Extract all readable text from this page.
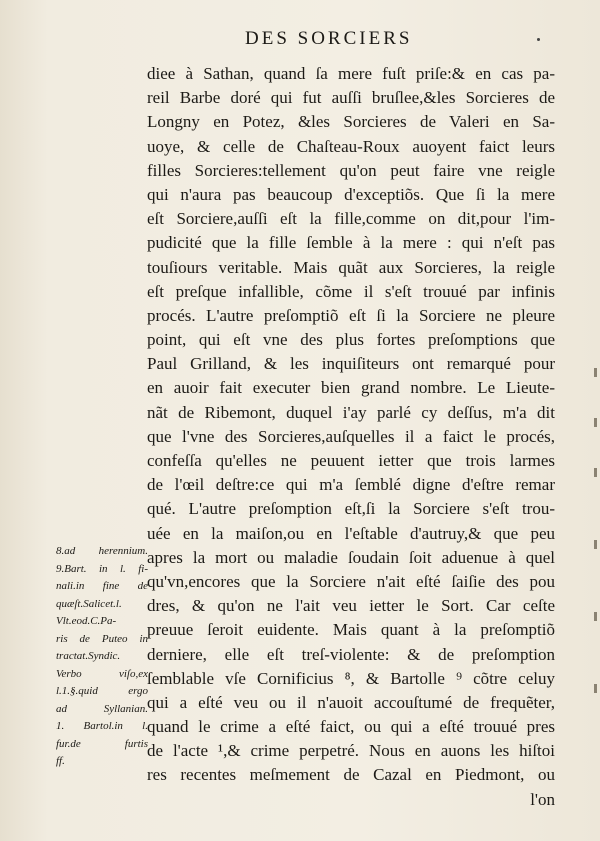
DES SORCIERS
diee à Sathan, quand ſa mere fuſt priſe:& en cas pa-
reil Barbe doré qui fut auſſi bruſlee,&les Sorcieres de
Longny en Potez, &les Sorcieres de Valeri en Sa-
uoye, & celle de Chaſteau-Roux auoyent faict leurs
filles Sorcieres:tellement qu'on peut faire vne reigle
qui n'aura pas beaucoup d'exceptiõs. Que ſi la mere
eſt Sorciere,auſſi eſt la fille,comme on dit,pour l'im-
pudicité que la fille ſemble à la mere : qui n'eſt pas
touſiours veritable. Mais quãt aux Sorcieres, la reigle
eſt preſque infallible, cõme il s'eſt trouué par infinis
procés. L'autre preſomptiõ eſt ſi la Sorciere ne pleure
point, qui eſt vne des plus fortes preſomptions que
Paul Grilland, & les inquiſiteurs ont remarqué pour
en auoir fait executer bien grand nombre. Le Lieute-
nãt de Ribemont, duquel i'ay parlé cy deſſus, m'a dit
que l'vne des Sorcieres,auſquelles il a faict le procés,
confeſſa qu'elles ne peuuent ietter que trois larmes
de l'œil deſtre:ce qui m'a ſemblé digne d'eſtre remar
qué. L'autre preſomption eſt,ſi la Sorciere s'eſt trou-
uée en la maiſon,ou en l'eſtable d'autruy,& que peu
apres la mort ou maladie ſoudain ſoit aduenue à quel
qu'vn,encores que la Sorciere n'ait eſté ſaiſie des pou
dres, & qu'on ne l'ait veu ietter le Sort. Car ceſte
preuue ſeroit euidente. Mais quant à la preſomptiõ
derniere, elle eſt treſ-violente: & de preſomption
ſemblable vſe Cornificius ⁸, & Bartolle ⁹ cõtre celuy
qui a eſté veu ou il n'auoit accouſtumé de frequẽter,
quand le crime a eſté faict, ou qui a eſté trouué pres
de l'acte ¹,& crime perpetré. Nous en auons les hiſtoi
res recentes meſmement de Cazal en Piedmont, ou
l'on
8.ad herennium.
9.Bart. in l. fi-
nali.in fine de
quæſt.Salicet.l.
Vlt.eod.C.Pa-
ris de Puteo in
tractat.Syndic.
Verbo viſo,ex
l.1.§.quid ergo
ad Syllanian.
1. Bartol.in l.
fur.de furtis
ff.
